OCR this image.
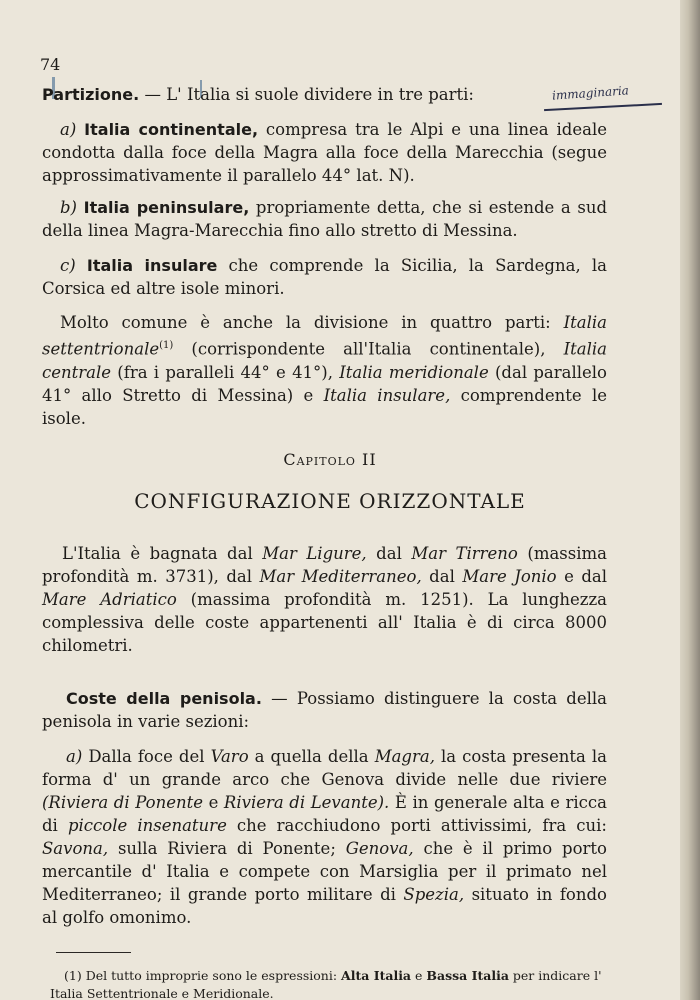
74
immaginaria
Partizione. — L' Italia si suole dividere in tre parti:
a) Italia continentale, compresa tra le Alpi e una linea ideale condotta dalla foce della Magra alla foce della Marecchia (segue approssimativamente il parallelo 44° lat. N).
b) Italia peninsulare, propriamente detta, che si estende a sud della linea Magra-Marecchia fino allo stretto di Messina.
c) Italia insulare che comprende la Sicilia, la Sardegna, la Corsica ed altre isole minori.
Molto comune è anche la divisione in quattro parti: Italia settentrionale$^{(1)}$ (corrispondente all'Italia continentale), Italia centrale (fra i paralleli 44° e 41°), Italia meridionale (dal parallelo 41° allo Stretto di Messina) e Italia insulare, comprendente le isole.
Capitolo II
CONFIGURAZIONE ORIZZONTALE
L'Italia è bagnata dal Mar Ligure, dal Mar Tirreno (massima profondità m. 3731), dal Mar Mediterraneo, dal Mare Jonio e dal Mare Adriatico (massima profondità m. 1251). La lunghezza complessiva delle coste appartenenti all' Italia è di circa 8000 chilometri.
Coste della penisola. — Possiamo distinguere la costa della penisola in varie sezioni:
a) Dalla foce del Varo a quella della Magra, la costa presenta la forma d' un grande arco che Genova divide nelle due riviere (Riviera di Ponente e Riviera di Levante). È in generale alta e ricca di piccole insenature che racchiudono porti attivissimi, fra cui: Savona, sulla Riviera di Ponente; Genova, che è il primo porto mercantile d' Italia e compete con Marsiglia per il primato nel Mediterraneo; il grande porto militare di Spezia, situato in fondo al golfo omonimo.
(1) Del tutto improprie sono le espressioni: Alta Italia e Bassa Italia per indicare l' Italia Settentrionale e Meridionale.
